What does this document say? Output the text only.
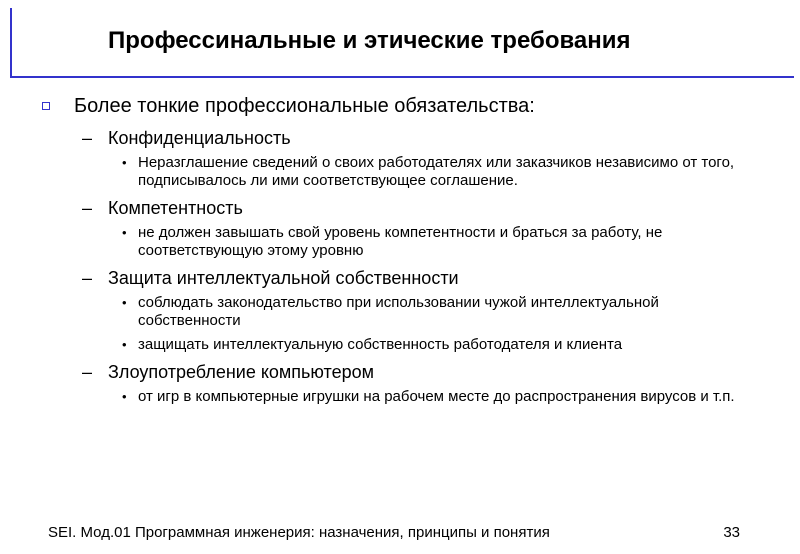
Профессинальные и этические требования
Более тонкие профессиональные обязательства:
– Конфиденциальность
• Неразглашение сведений о своих работодателях или заказчиков независимо от того, подписывалось ли ими соответствующее соглашение.
– Компетентность
• не должен завышать свой уровень компетентности и браться за работу, не соответствующую этому уровню
– Защита интеллектуальной собственности
• соблюдать законодательство при использовании чужой интеллектуальной собственности
• защищать интеллектуальную собственность работодателя и клиента
– Злоупотребление компьютером
• от игр в компьютерные игрушки на рабочем месте до распространения вирусов и т.п.
SEI. Мод.01 Программная инженерия: назначения, принципы и понятия	33
